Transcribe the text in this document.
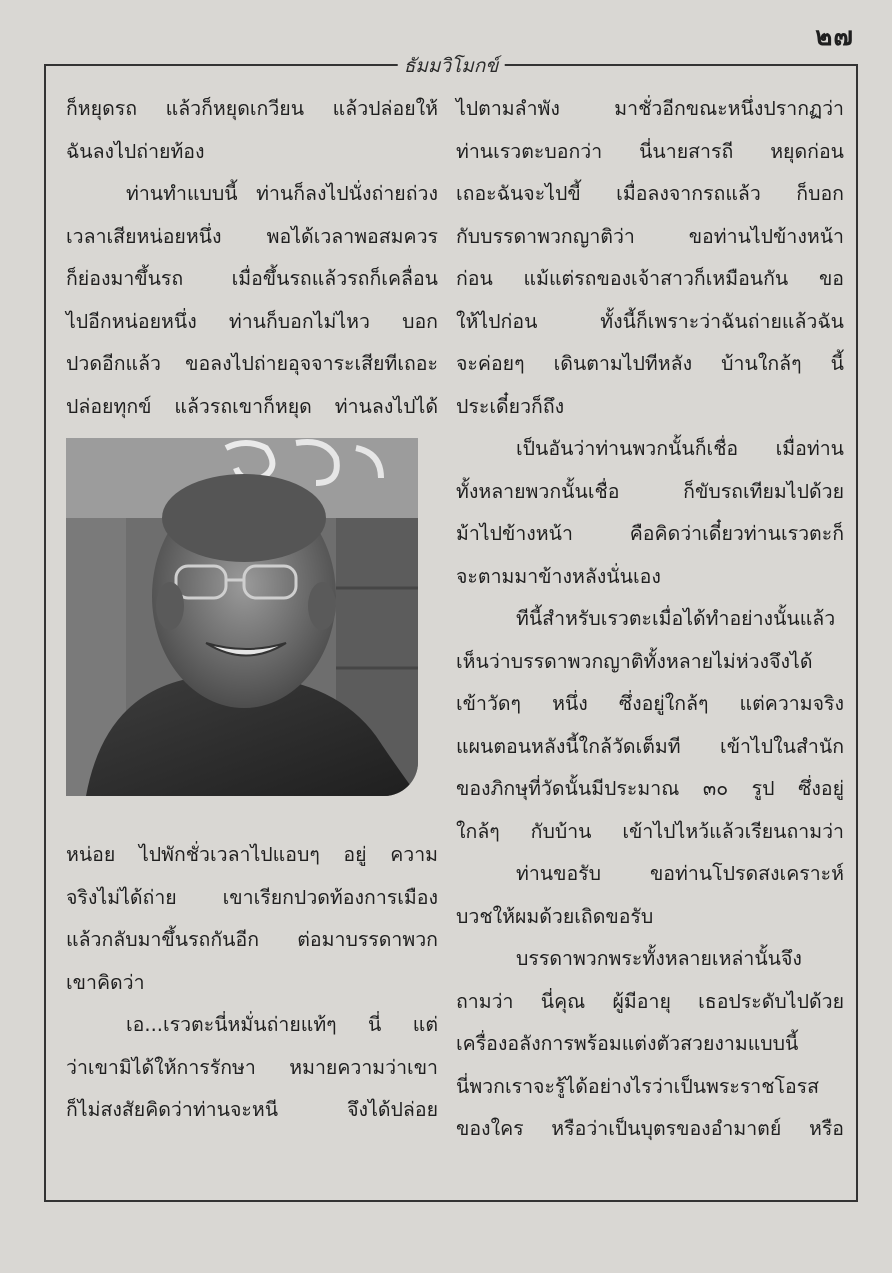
๒๗
ธัมมวิโมกข์
ก็หยุดรถ แล้วก็หยุดเกวียน แล้วปล่อยให้
ฉันลงไปถ่ายท้อง
ท่านทำแบบนี้ ท่านก็ลงไปนั่งถ่ายถ่วง
เวลาเสียหน่อยหนึ่ง พอได้เวลาพอสมควร
ก็ย่องมาขึ้นรถ เมื่อขึ้นรถแล้วรถก็เคลื่อน
ไปอีกหน่อยหนึ่ง ท่านก็บอกไม่ไหว บอก
ปวดอีกแล้ว ขอลงไปถ่ายอุจจาระเสียทีเถอะ
ปล่อยทุกข์ แล้วรถเขาก็หยุด ท่านลงไปได้
หน่อย ไปพักชั่วเวลาไปแอบๆ อยู่ ความ
จริงไม่ได้ถ่าย เขาเรียกปวดท้องการเมือง
แล้วกลับมาขึ้นรถกันอีก ต่อมาบรรดาพวก
เขาคิดว่า
เอ...เรวตะนี่หมั่นถ่ายแท้ๆ นี่ แต่
ว่าเขามิได้ให้การรักษา หมายความว่าเขา
ก็ไม่สงสัยคิดว่าท่านจะหนี จึงได้ปล่อย
ไปตามลำพัง มาชั่วอีกขณะหนึ่งปรากฏว่า
ท่านเรวตะบอกว่า นี่นายสารถี หยุดก่อน
เถอะฉันจะไปขี้ เมื่อลงจากรถแล้ว ก็บอก
กับบรรดาพวกญาติว่า ขอท่านไปข้างหน้า
ก่อน แม้แต่รถของเจ้าสาวก็เหมือนกัน ขอ
ให้ไปก่อน ทั้งนี้ก็เพราะว่าฉันถ่ายแล้วฉัน
จะค่อยๆ เดินตามไปทีหลัง บ้านใกล้ๆ นี้
ประเดี๋ยวก็ถึง
เป็นอันว่าท่านพวกนั้นก็เชื่อ เมื่อท่าน
ทั้งหลายพวกนั้นเชื่อ ก็ขับรถเทียมไปด้วย
ม้าไปข้างหน้า คือคิดว่าเดี๋ยวท่านเรวตะก็
จะตามมาข้างหลังนั่นเอง
ทีนี้สำหรับเรวตะเมื่อได้ทำอย่างนั้นแล้ว
เห็นว่าบรรดาพวกญาติทั้งหลายไม่ห่วงจึงได้
เข้าวัดๆ หนึ่ง ซึ่งอยู่ใกล้ๆ แต่ความจริง
แผนตอนหลังนี้ใกล้วัดเต็มที เข้าไปในสำนัก
ของภิกษุที่วัดนั้นมีประมาณ ๓๐ รูป ซึ่งอยู่
ใกล้ๆ กับบ้าน เข้าไปไหว้แล้วเรียนถามว่า
ท่านขอรับ ขอท่านโปรดสงเคราะห์
บวชให้ผมด้วยเถิดขอรับ
บรรดาพวกพระทั้งหลายเหล่านั้นจึง
ถามว่า นี่คุณ ผู้มีอายุ เธอประดับไปด้วย
เครื่องอลังการพร้อมแต่งตัวสวยงามแบบนี้
นี่พวกเราจะรู้ได้อย่างไรว่าเป็นพระราชโอรส
ของใคร หรือว่าเป็นบุตรของอำมาตย์ หรือ
